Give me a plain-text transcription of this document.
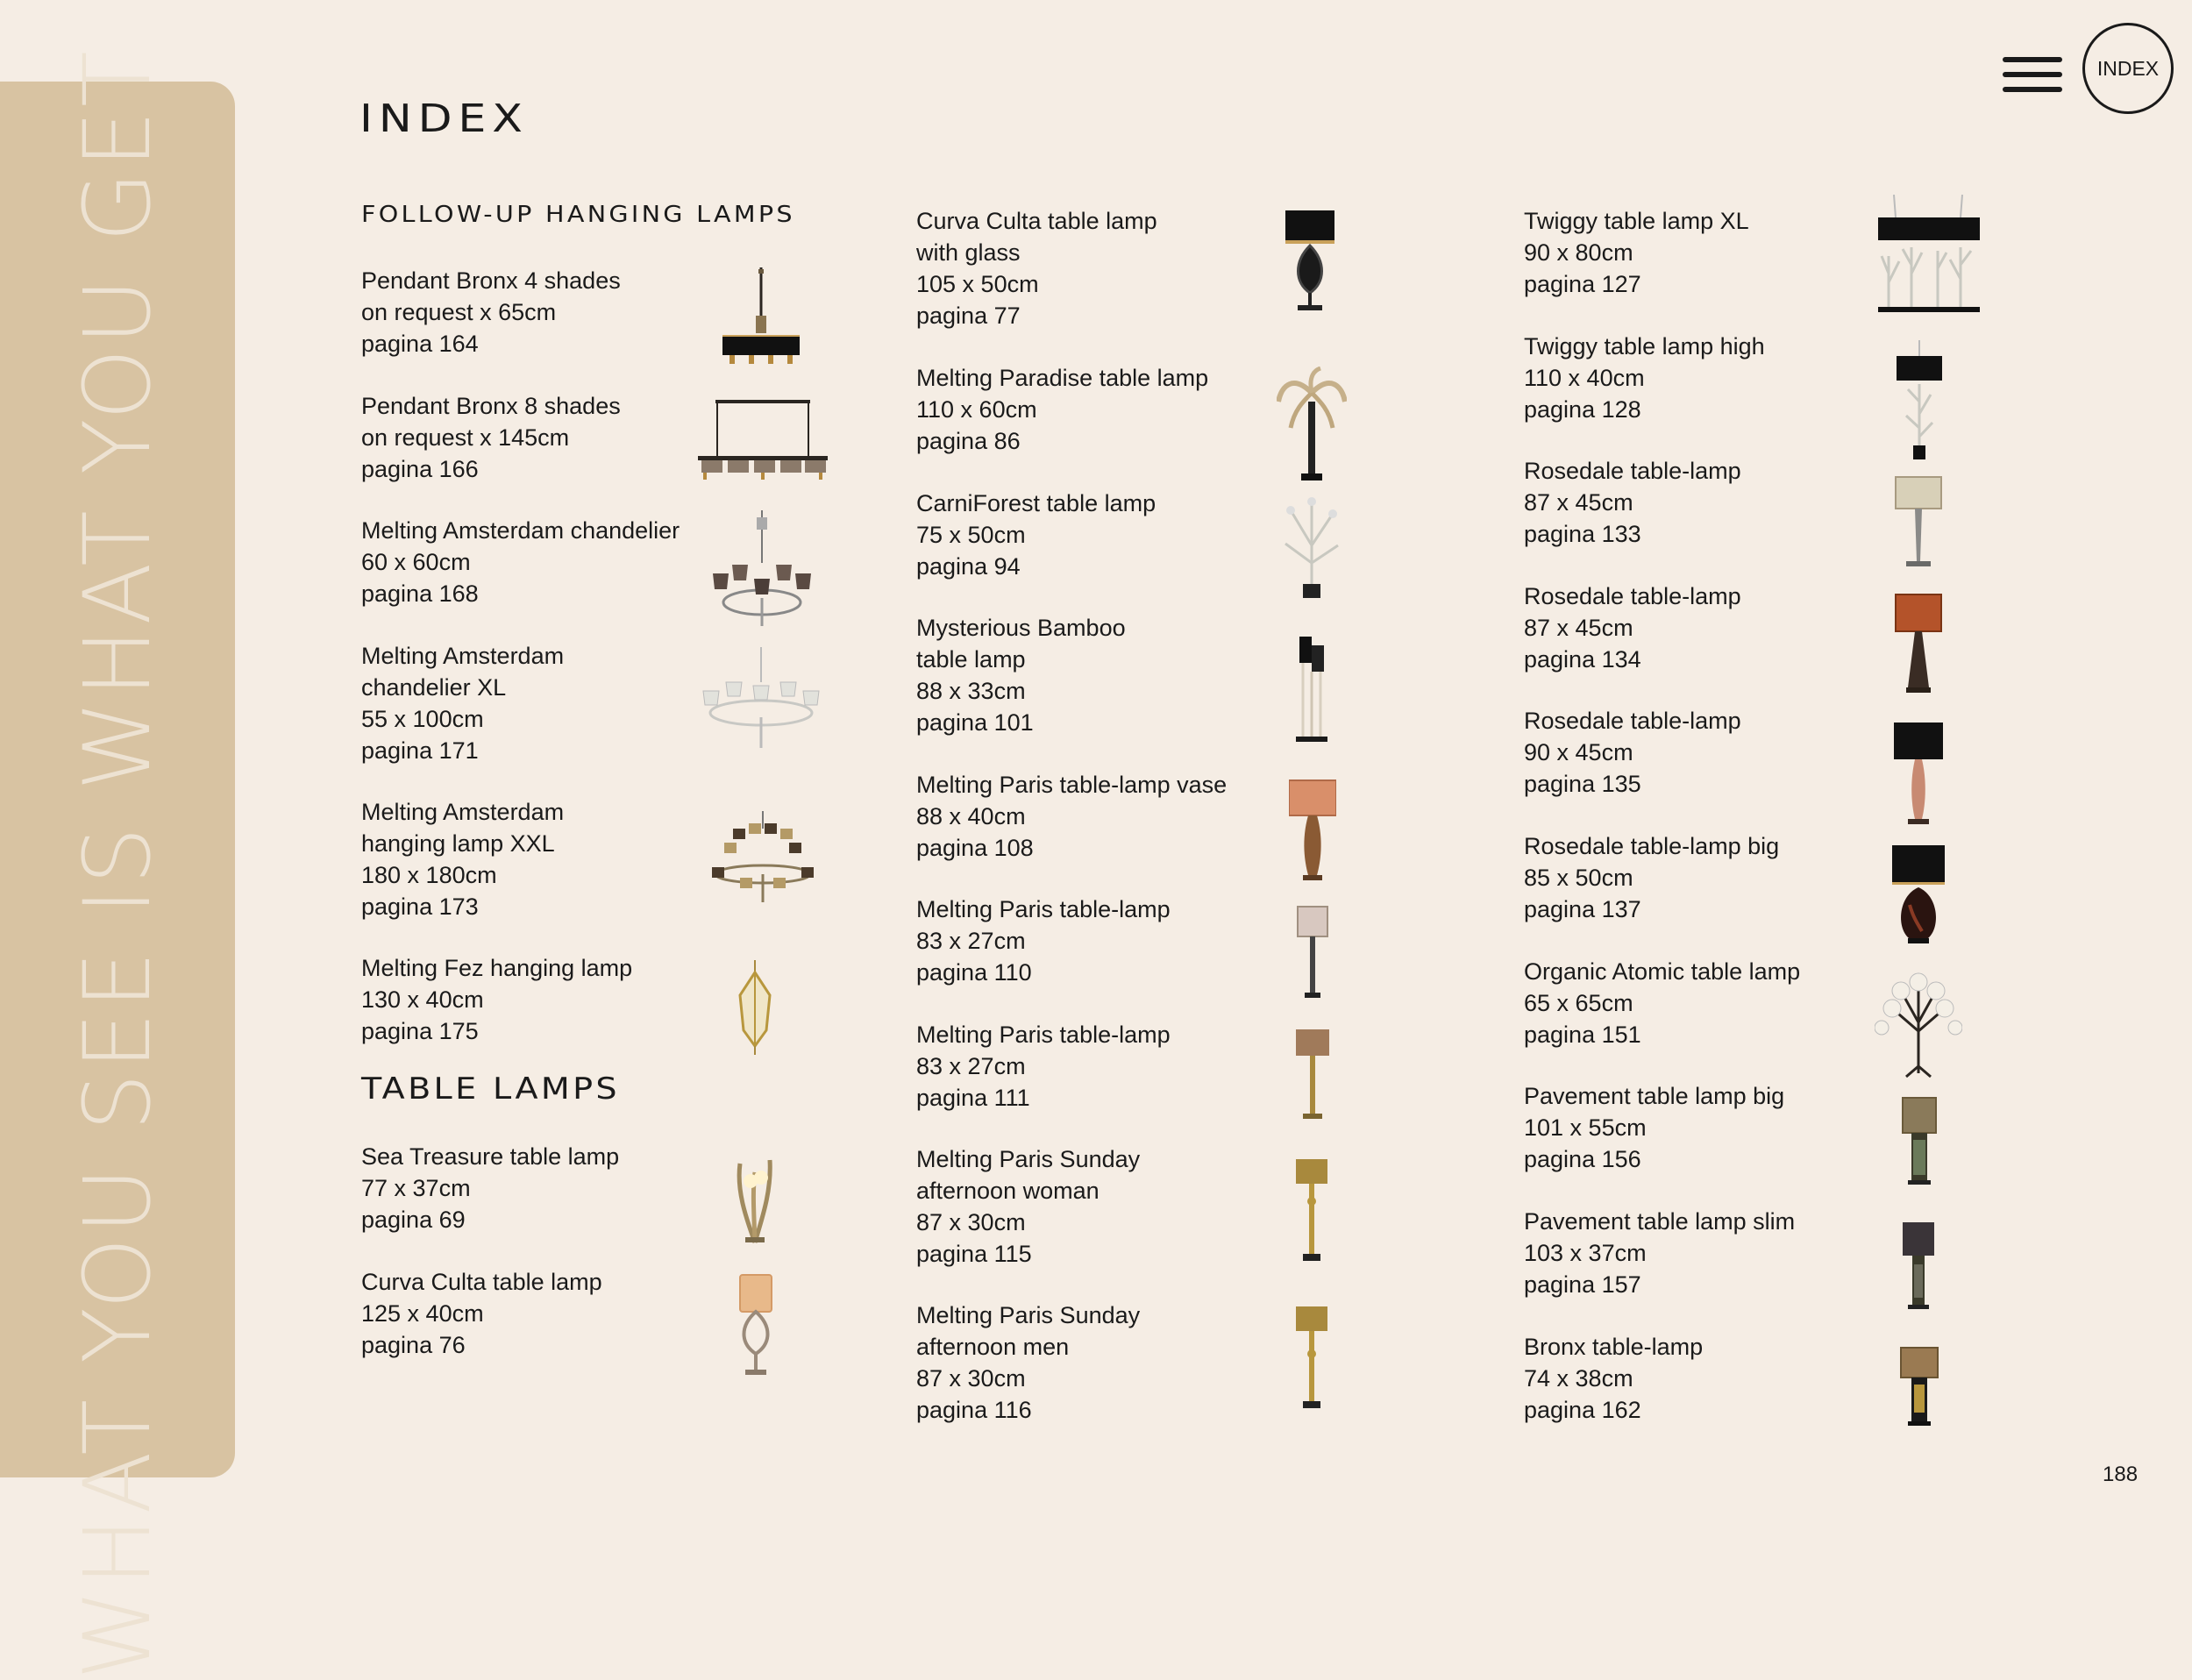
WHAT YOU SEE IS WHAT YOU GET	INDEX
INDEX
FOLLOW-UP HANGING LAMPS
TABLE LAMPS
Pendant Bronx 4 shades
on request x 65cm
pagina 164
Pendant Bronx 8 shades
on request x 145cm
pagina 166
Melting Amsterdam chandelier
60 x 60cm
pagina 168
Melting Amsterdam
chandelier XL
55 x 100cm
pagina 171
Melting Amsterdam
hanging lamp XXL
180 x 180cm
pagina 173
Melting Fez hanging lamp
130 x 40cm
pagina 175
Sea Treasure table lamp
77 x 37cm
pagina 69
Curva Culta table lamp
125 x 40cm
pagina 76
Curva Culta table lamp
with glass
105 x 50cm
pagina 77
Melting Paradise table lamp
110 x 60cm
pagina 86
CarniForest table lamp
75 x 50cm
pagina 94
Mysterious Bamboo
table lamp
88 x 33cm
pagina 101
Melting Paris table-lamp vase
88 x 40cm
pagina 108
Melting Paris table-lamp
83 x 27cm
pagina 110
Melting Paris table-lamp
83 x 27cm
pagina 111
Melting Paris Sunday
afternoon woman
87 x 30cm
pagina 115
Melting Paris Sunday
afternoon men
87 x 30cm
pagina 116
Twiggy table lamp XL
90 x 80cm
pagina 127
Twiggy table lamp high
110 x 40cm
pagina 128
Rosedale table-lamp
87 x 45cm
pagina 133
Rosedale table-lamp
87 x 45cm
pagina 134
Rosedale table-lamp
90 x 45cm
pagina 135
Rosedale table-lamp big
85 x 50cm
pagina 137
Organic Atomic table lamp
65 x 65cm
pagina 151
Pavement table lamp big
101 x 55cm
pagina 156
Pavement table lamp slim
103 x 37cm
pagina 157
Bronx table-lamp
74 x 38cm
pagina 162
188
